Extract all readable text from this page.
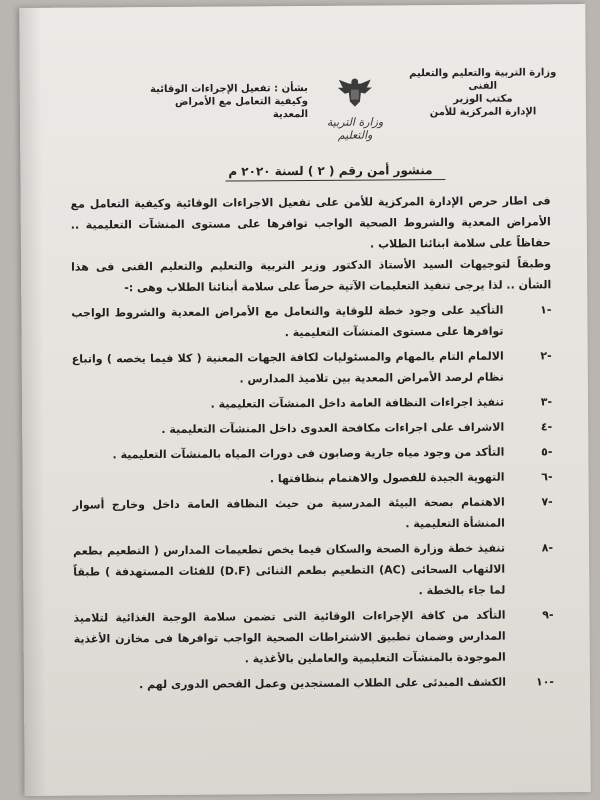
وزارة التربية والتعليم والتعليم الفنى
مكتب الوزير
الإدارة المركزية للأمن
وزارة التربية والتعليم
بشأن : تفعيل الإجراءات الوقائية
وكيفية التعامل مع الأمراض المعدية
منشور أمن رقم ( ٢ ) لسنة ٢٠٢٠ م

فى اطار حرص الإدارة المركزية للأمن على تفعيل الاجراءات الوقائية وكيفية التعامل مع الأمراض المعدية والشروط الصحية الواجب توافرها على مستوى المنشآت التعليمية .. حفاظاً على سلامة ابنائنا الطلاب .

وطبقاً لتوجيهات السيد الأستاذ الدكتور وزير التربية والتعليم والتعليم الفنى فى هذا الشأن .. لذا يرجى تنفيذ التعليمات الآتية حرصاً على سلامة أبنائنا الطلاب وهى :-

-١
التأكيد على وجود خطة للوقاية والتعامل مع الأمراض المعدية والشروط الواجب توافرها على مستوى المنشآت التعليمية .
-٢
الالمام التام بالمهام والمسئوليات لكافة الجهات المعنية ( كلا فيما يخصه ) واتباع نظام لرصد الأمراض المعدية بين تلاميذ المدارس .
-٣
تنفيذ اجراءات النظافة العامة داخل المنشآت التعليمية .
-٤
الاشراف على اجراءات مكافحة العدوى داخل المنشآت التعليمية .
-٥
التأكد من وجود مياه جارية وصابون فى دورات المياه بالمنشآت التعليمية .
-٦
التهوية الجيدة للفصول والاهتمام بنظافتها .
-٧
الاهتمام بصحة البيئة المدرسية من حيث النظافة العامة داخل وخارج أسوار المنشأة التعليمية .
-٨
تنفيذ خطة وزارة الصحة والسكان فيما يخص تطعيمات المدارس ( التطعيم بطعم الالتهاب السحائى (AC) التطعيم بطعم الثنائى (D.F) للفئات المستهدفة ) طبقاً لما جاء بالخطة .
-٩
التأكد من كافة الإجراءات الوقائية التى تضمن سلامة الوجبة الغذائية لتلاميذ المدارس وضمان تطبيق الاشتراطات الصحية الواجب توافرها فى مخازن الأغذية الموجودة بالمنشآت التعليمية والعاملين بالأغذية .
-١٠
الكشف المبدئى على الطلاب المستجدين وعمل الفحص الدورى لهم .
